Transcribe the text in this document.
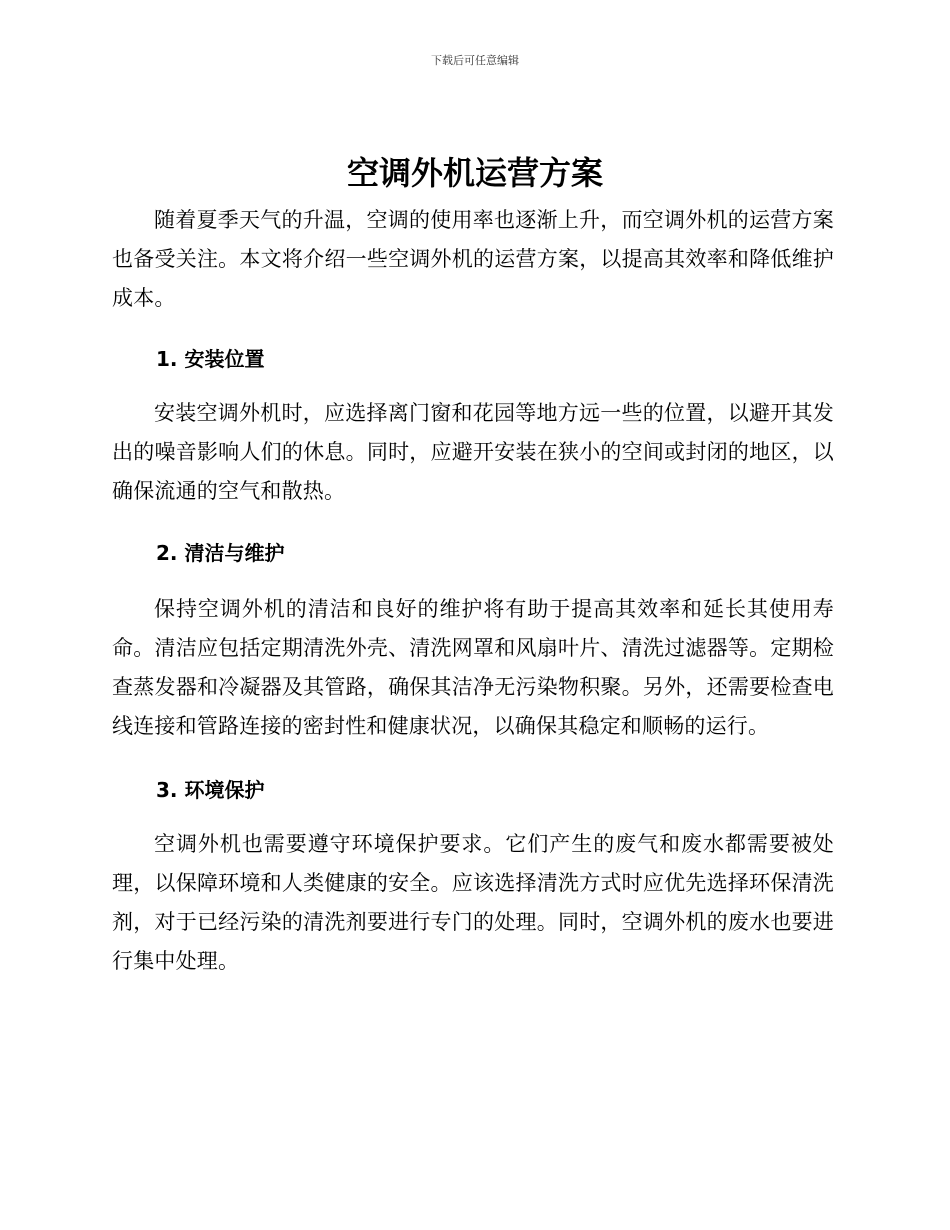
下载后可任意编辑
空调外机运营方案

随着夏季天气的升温，空调的使用率也逐渐上升，而空调外机的运营方案也备受关注。本文将介绍一些空调外机的运营方案，以提高其效率和降低维护成本。

1. 安装位置

安装空调外机时，应选择离门窗和花园等地方远一些的位置，以避开其发出的噪音影响人们的休息。同时，应避开安装在狭小的空间或封闭的地区，以确保流通的空气和散热。

2. 清洁与维护

保持空调外机的清洁和良好的维护将有助于提高其效率和延长其使用寿命。清洁应包括定期清洗外壳、清洗网罩和风扇叶片、清洗过滤器等。定期检查蒸发器和冷凝器及其管路，确保其洁净无污染物积聚。另外，还需要检查电线连接和管路连接的密封性和健康状况，以确保其稳定和顺畅的运行。

3. 环境保护

空调外机也需要遵守环境保护要求。它们产生的废气和废水都需要被处理，以保障环境和人类健康的安全。应该选择清洗方式时应优先选择环保清洗剂，对于已经污染的清洗剂要进行专门的处理。同时，空调外机的废水也要进行集中处理。
